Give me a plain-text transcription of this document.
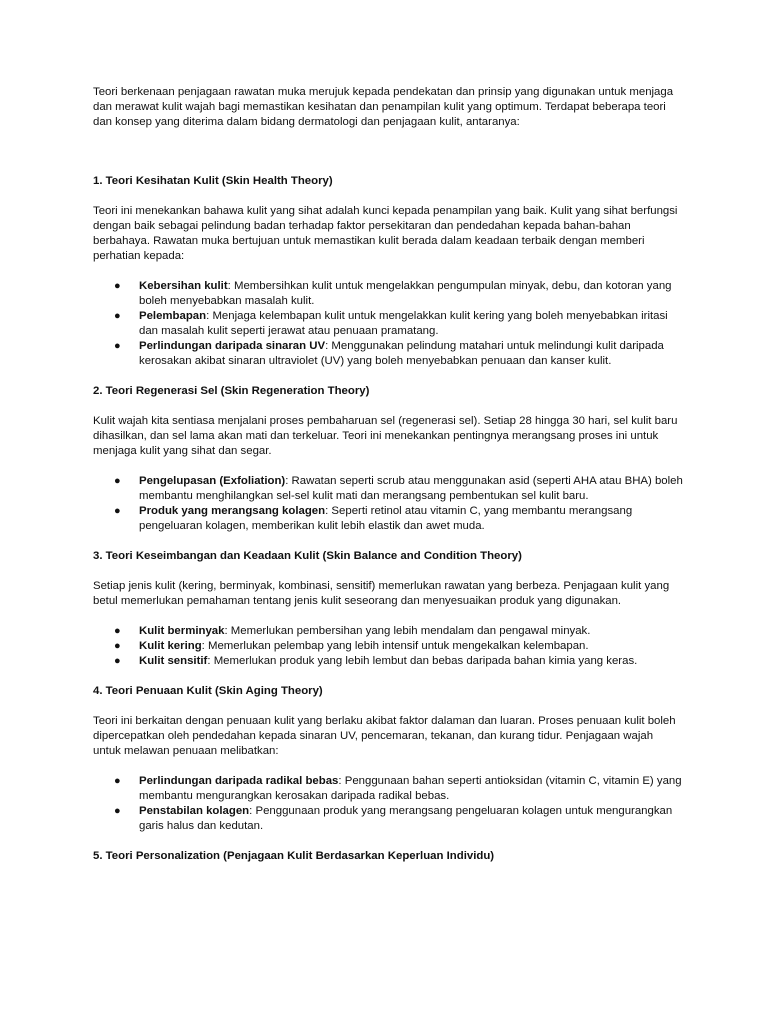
Teori berkenaan penjagaan rawatan muka merujuk kepada pendekatan dan prinsip yang digunakan untuk menjaga dan merawat kulit wajah bagi memastikan kesihatan dan penampilan kulit yang optimum. Terdapat beberapa teori dan konsep yang diterima dalam bidang dermatologi dan penjagaan kulit, antaranya:

1. Teori Kesihatan Kulit (Skin Health Theory)

Teori ini menekankan bahawa kulit yang sihat adalah kunci kepada penampilan yang baik. Kulit yang sihat berfungsi dengan baik sebagai pelindung badan terhadap faktor persekitaran dan pendedahan kepada bahan-bahan berbahaya. Rawatan muka bertujuan untuk memastikan kulit berada dalam keadaan terbaik dengan memberi perhatian kepada:

● Kebersihan kulit: Membersihkan kulit untuk mengelakkan pengumpulan minyak, debu, dan kotoran yang boleh menyebabkan masalah kulit.
● Pelembapan: Menjaga kelembapan kulit untuk mengelakkan kulit kering yang boleh menyebabkan iritasi dan masalah kulit seperti jerawat atau penuaan pramatang.
● Perlindungan daripada sinaran UV: Menggunakan pelindung matahari untuk melindungi kulit daripada kerosakan akibat sinaran ultraviolet (UV) yang boleh menyebabkan penuaan dan kanser kulit.
2. Teori Regenerasi Sel (Skin Regeneration Theory)

Kulit wajah kita sentiasa menjalani proses pembaharuan sel (regenerasi sel). Setiap 28 hingga 30 hari, sel kulit baru dihasilkan, dan sel lama akan mati dan terkeluar. Teori ini menekankan pentingnya merangsang proses ini untuk menjaga kulit yang sihat dan segar.

● Pengelupasan (Exfoliation): Rawatan seperti scrub atau menggunakan asid (seperti AHA atau BHA) boleh membantu menghilangkan sel-sel kulit mati dan merangsang pembentukan sel kulit baru.
● Produk yang merangsang kolagen: Seperti retinol atau vitamin C, yang membantu merangsang pengeluaran kolagen, memberikan kulit lebih elastik dan awet muda.
3. Teori Keseimbangan dan Keadaan Kulit (Skin Balance and Condition Theory)

Setiap jenis kulit (kering, berminyak, kombinasi, sensitif) memerlukan rawatan yang berbeza. Penjagaan kulit yang betul memerlukan pemahaman tentang jenis kulit seseorang dan menyesuaikan produk yang digunakan.

● Kulit berminyak: Memerlukan pembersihan yang lebih mendalam dan pengawal minyak.
● Kulit kering: Memerlukan pelembap yang lebih intensif untuk mengekalkan kelembapan.
● Kulit sensitif: Memerlukan produk yang lebih lembut dan bebas daripada bahan kimia yang keras.
4. Teori Penuaan Kulit (Skin Aging Theory)

Teori ini berkaitan dengan penuaan kulit yang berlaku akibat faktor dalaman dan luaran. Proses penuaan kulit boleh dipercepatkan oleh pendedahan kepada sinaran UV, pencemaran, tekanan, dan kurang tidur. Penjagaan wajah untuk melawan penuaan melibatkan:

● Perlindungan daripada radikal bebas: Penggunaan bahan seperti antioksidan (vitamin C, vitamin E) yang membantu mengurangkan kerosakan daripada radikal bebas.
● Penstabilan kolagen: Penggunaan produk yang merangsang pengeluaran kolagen untuk mengurangkan garis halus dan kedutan.
5. Teori Personalization (Penjagaan Kulit Berdasarkan Keperluan Individu)
